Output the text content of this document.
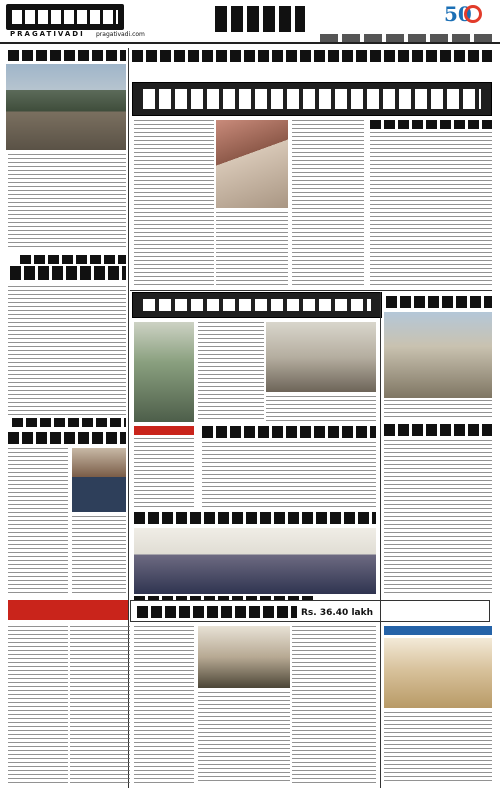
PRAGATIVADI pragativadi.com
50
Rs. 36.40 lakh
